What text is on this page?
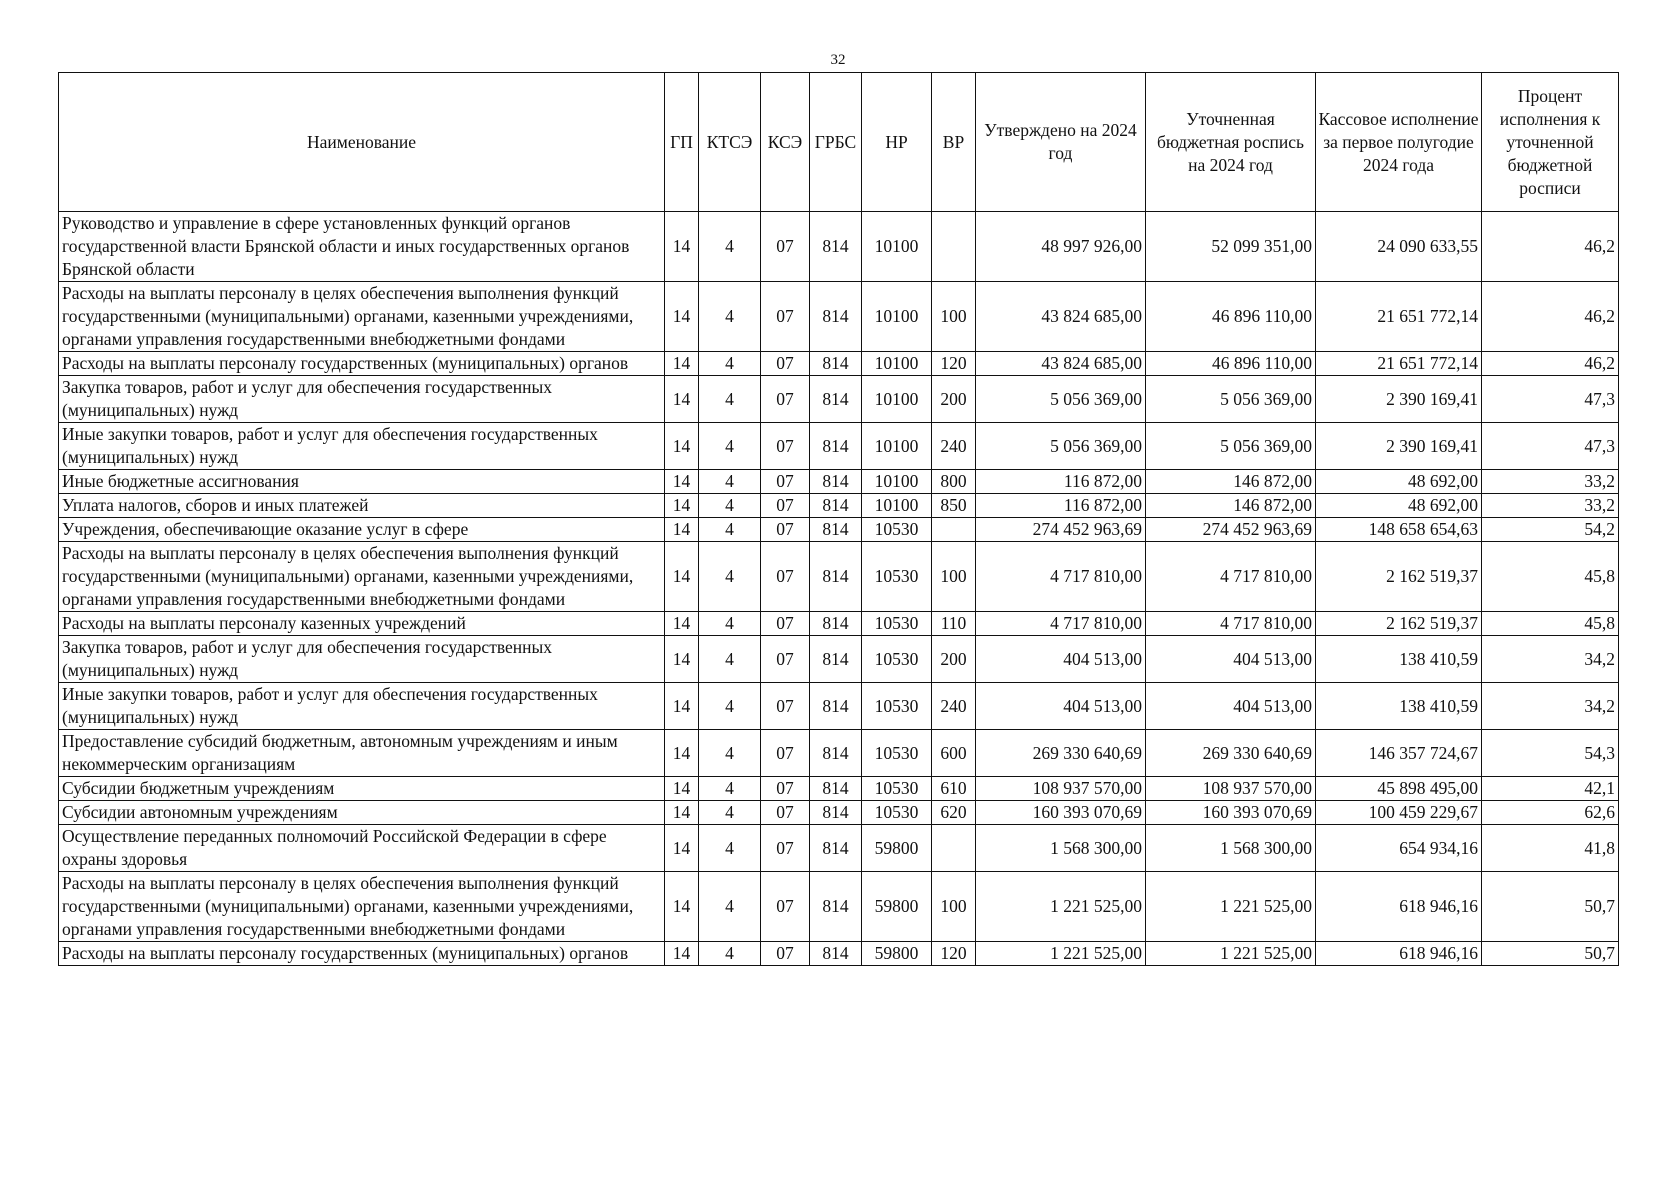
32
Наименование	ГП	КТСЭ	КСЭ	ГРБС	НР	ВР	Утверждено на 2024 год	Уточненная бюджетная роспись на 2024 год	Кассовое исполнение за первое полугодие 2024 года	Процент исполнения к уточненной бюджетной росписи
Руководство и управление в сфере установленных функций органов государственной власти Брянской области и иных государственных органов Брянской области	14	4	07	814	10100		48 997 926,00	52 099 351,00	24 090 633,55	46,2
Расходы на выплаты персоналу в целях обеспечения выполнения функций государственными (муниципальными) органами, казенными учреждениями, органами управления государственными внебюджетными фондами	14	4	07	814	10100	100	43 824 685,00	46 896 110,00	21 651 772,14	46,2
Расходы на выплаты персоналу государственных (муниципальных) органов	14	4	07	814	10100	120	43 824 685,00	46 896 110,00	21 651 772,14	46,2
Закупка товаров, работ и услуг для обеспечения государственных (муниципальных) нужд	14	4	07	814	10100	200	5 056 369,00	5 056 369,00	2 390 169,41	47,3
Иные закупки товаров, работ и услуг для обеспечения государственных (муниципальных) нужд	14	4	07	814	10100	240	5 056 369,00	5 056 369,00	2 390 169,41	47,3
Иные бюджетные ассигнования	14	4	07	814	10100	800	116 872,00	146 872,00	48 692,00	33,2
Уплата налогов, сборов и иных платежей	14	4	07	814	10100	850	116 872,00	146 872,00	48 692,00	33,2
Учреждения, обеспечивающие оказание услуг в сфере	14	4	07	814	10530		274 452 963,69	274 452 963,69	148 658 654,63	54,2
Расходы на выплаты персоналу в целях обеспечения выполнения функций государственными (муниципальными) органами, казенными учреждениями, органами управления государственными внебюджетными фондами	14	4	07	814	10530	100	4 717 810,00	4 717 810,00	2 162 519,37	45,8
Расходы на выплаты персоналу казенных учреждений	14	4	07	814	10530	110	4 717 810,00	4 717 810,00	2 162 519,37	45,8
Закупка товаров, работ и услуг для обеспечения государственных (муниципальных) нужд	14	4	07	814	10530	200	404 513,00	404 513,00	138 410,59	34,2
Иные закупки товаров, работ и услуг для обеспечения государственных (муниципальных) нужд	14	4	07	814	10530	240	404 513,00	404 513,00	138 410,59	34,2
Предоставление субсидий бюджетным, автономным учреждениям и иным некоммерческим организациям	14	4	07	814	10530	600	269 330 640,69	269 330 640,69	146 357 724,67	54,3
Субсидии бюджетным учреждениям	14	4	07	814	10530	610	108 937 570,00	108 937 570,00	45 898 495,00	42,1
Субсидии автономным учреждениям	14	4	07	814	10530	620	160 393 070,69	160 393 070,69	100 459 229,67	62,6
Осуществление переданных полномочий Российской Федерации в сфере охраны здоровья	14	4	07	814	59800		1 568 300,00	1 568 300,00	654 934,16	41,8
Расходы на выплаты персоналу в целях обеспечения выполнения функций государственными (муниципальными) органами, казенными учреждениями, органами управления государственными внебюджетными фондами	14	4	07	814	59800	100	1 221 525,00	1 221 525,00	618 946,16	50,7
Расходы на выплаты персоналу государственных (муниципальных) органов	14	4	07	814	59800	120	1 221 525,00	1 221 525,00	618 946,16	50,7
